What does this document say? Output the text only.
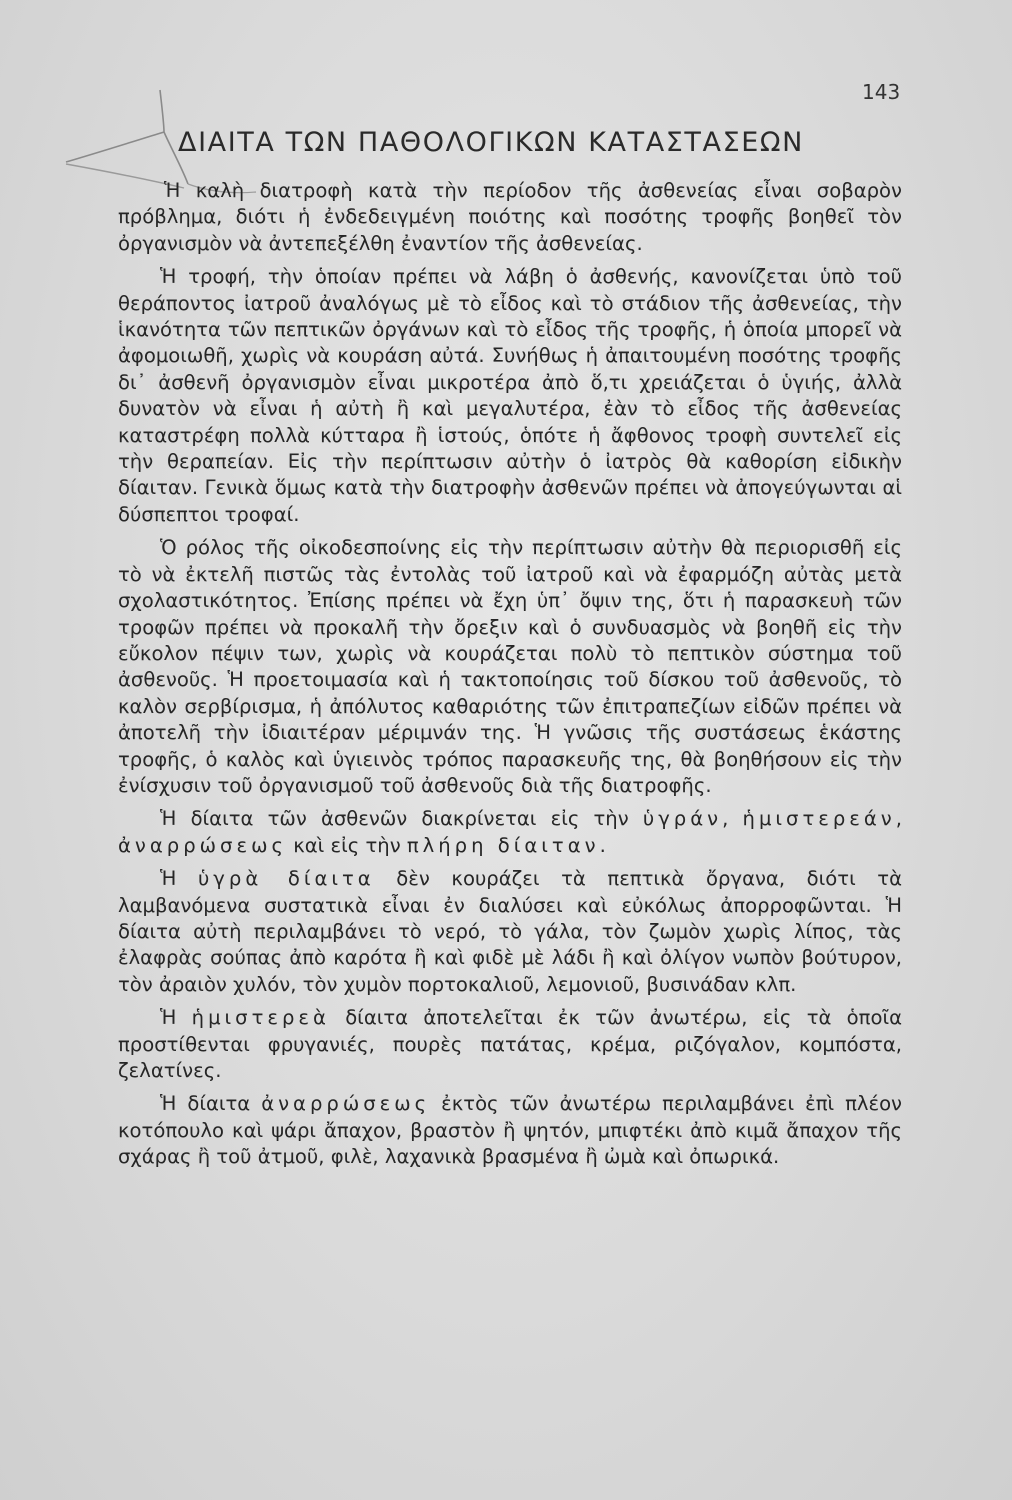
143
ΔΙΑΙΤΑ ΤΩΝ ΠΑΘΟΛΟΓΙΚΩΝ ΚΑΤΑΣΤΑΣΕΩΝ

Ἡ καλὴ διατροφὴ κατὰ τὴν περίοδον τῆς ἀσθενείας εἶναι σοβαρὸν πρόβλημα, διότι ἡ ἐνδεδειγμένη ποιότης καὶ ποσότης τροφῆς βοηθεῖ τὸν ὀργανισμὸν νὰ ἀντεπεξέλθη ἐναντίον τῆς ἀσθενείας.

Ἡ τροφή, τὴν ὁποίαν πρέπει νὰ λάβη ὁ ἀσθενής, κανονίζεται ὑπὸ τοῦ θεράποντος ἰατροῦ ἀναλόγως μὲ τὸ εἶδος καὶ τὸ στάδιον τῆς ἀσθενείας, τὴν ἱκανότητα τῶν πεπτικῶν ὀργάνων καὶ τὸ εἶδος τῆς τροφῆς, ἡ ὁποία μπορεῖ νὰ ἀφομοιωθῆ, χωρὶς νὰ κουράση αὐτά. Συνήθως ἡ ἀπαιτουμένη ποσότης τροφῆς δι᾽ ἀσθενῆ ὀργανισμὸν εἶναι μικροτέρα ἀπὸ ὅ,τι χρειάζεται ὁ ὑγιής, ἀλλὰ δυνατὸν νὰ εἶναι ἡ αὐτὴ ἢ καὶ μεγαλυτέρα, ἐὰν τὸ εἶδος τῆς ἀσθενείας καταστρέφη πολλὰ κύτταρα ἢ ἱστούς, ὁπότε ἡ ἄφθονος τροφὴ συντελεῖ εἰς τὴν θεραπείαν. Εἰς τὴν περίπτωσιν αὐτὴν ὁ ἰατρὸς θὰ καθορίση εἰδικὴν δίαιταν. Γενικὰ ὅμως κατὰ τὴν διατροφὴν ἀσθενῶν πρέπει νὰ ἀπογεύγωνται αἱ δύσπεπτοι τροφαί.

Ὁ ρόλος τῆς οἰκοδεσποίνης εἰς τὴν περίπτωσιν αὐτὴν θὰ περιορισθῆ εἰς τὸ νὰ ἐκτελῆ πιστῶς τὰς ἐντολὰς τοῦ ἰατροῦ καὶ νὰ ἐφαρμόζη αὐτὰς μετὰ σχολαστικότητος. Ἐπίσης πρέπει νὰ ἔχη ὑπ᾽ ὄψιν της, ὅτι ἡ παρασκευὴ τῶν τροφῶν πρέπει νὰ προκαλῆ τὴν ὄρεξιν καὶ ὁ συνδυασμὸς νὰ βοηθῆ εἰς τὴν εὔκολον πέψιν των, χωρὶς νὰ κουράζεται πολὺ τὸ πεπτικὸν σύστημα τοῦ ἀσθενοῦς. Ἡ προετοιμασία καὶ ἡ τακτοποίησις τοῦ δίσκου τοῦ ἀσθενοῦς, τὸ καλὸν σερβίρισμα, ἡ ἀπόλυτος καθαριότης τῶν ἐπιτραπεζίων εἰδῶν πρέπει νὰ ἀποτελῆ τὴν ἰδιαιτέραν μέριμνάν της. Ἡ γνῶσις τῆς συστάσεως ἑκάστης τροφῆς, ὁ καλὸς καὶ ὑγιεινὸς τρόπος παρασκευῆς της, θὰ βοηθήσουν εἰς τὴν ἐνίσχυσιν τοῦ ὀργανισμοῦ τοῦ ἀσθενοῦς διὰ τῆς διατροφῆς.

Ἡ δίαιτα τῶν ἀσθενῶν διακρίνεται εἰς τὴν ὑγράν, ἡμιστερεάν, ἀναρρώσεως καὶ εἰς τὴν πλήρη δίαιταν.

Ἡ ὑγρὰ δίαιτα δὲν κουράζει τὰ πεπτικὰ ὄργανα, διότι τὰ λαμβανόμενα συστατικὰ εἶναι ἐν διαλύσει καὶ εὐκόλως ἀπορροφῶνται. Ἡ δίαιτα αὐτὴ περιλαμβάνει τὸ νερό, τὸ γάλα, τὸν ζωμὸν χωρὶς λίπος, τὰς ἐλαφρὰς σούπας ἀπὸ καρότα ἢ καὶ φιδὲ μὲ λάδι ἢ καὶ ὀλίγον νωπὸν βούτυρον, τὸν ἀραιὸν χυλόν, τὸν χυμὸν πορτοκαλιοῦ, λεμονιοῦ, βυσινάδαν κλπ.

Ἡ ἡμιστερεὰ δίαιτα ἀποτελεῖται ἐκ τῶν ἀνωτέρω, εἰς τὰ ὁποῖα προστίθενται φρυγανιές, πουρὲς πατάτας, κρέμα, ριζόγαλον, κομπόστα, ζελατίνες.

Ἡ δίαιτα ἀναρρώσεως ἐκτὸς τῶν ἀνωτέρω περιλαμβάνει ἐπὶ πλέον κοτόπουλο καὶ ψάρι ἄπαχον, βραστὸν ἢ ψητόν, μπιφτέκι ἀπὸ κιμᾶ ἄπαχον τῆς σχάρας ἢ τοῦ ἀτμοῦ, φιλὲ, λαχανικὰ βρασμένα ἢ ὠμὰ καὶ ὀπωρικά.
